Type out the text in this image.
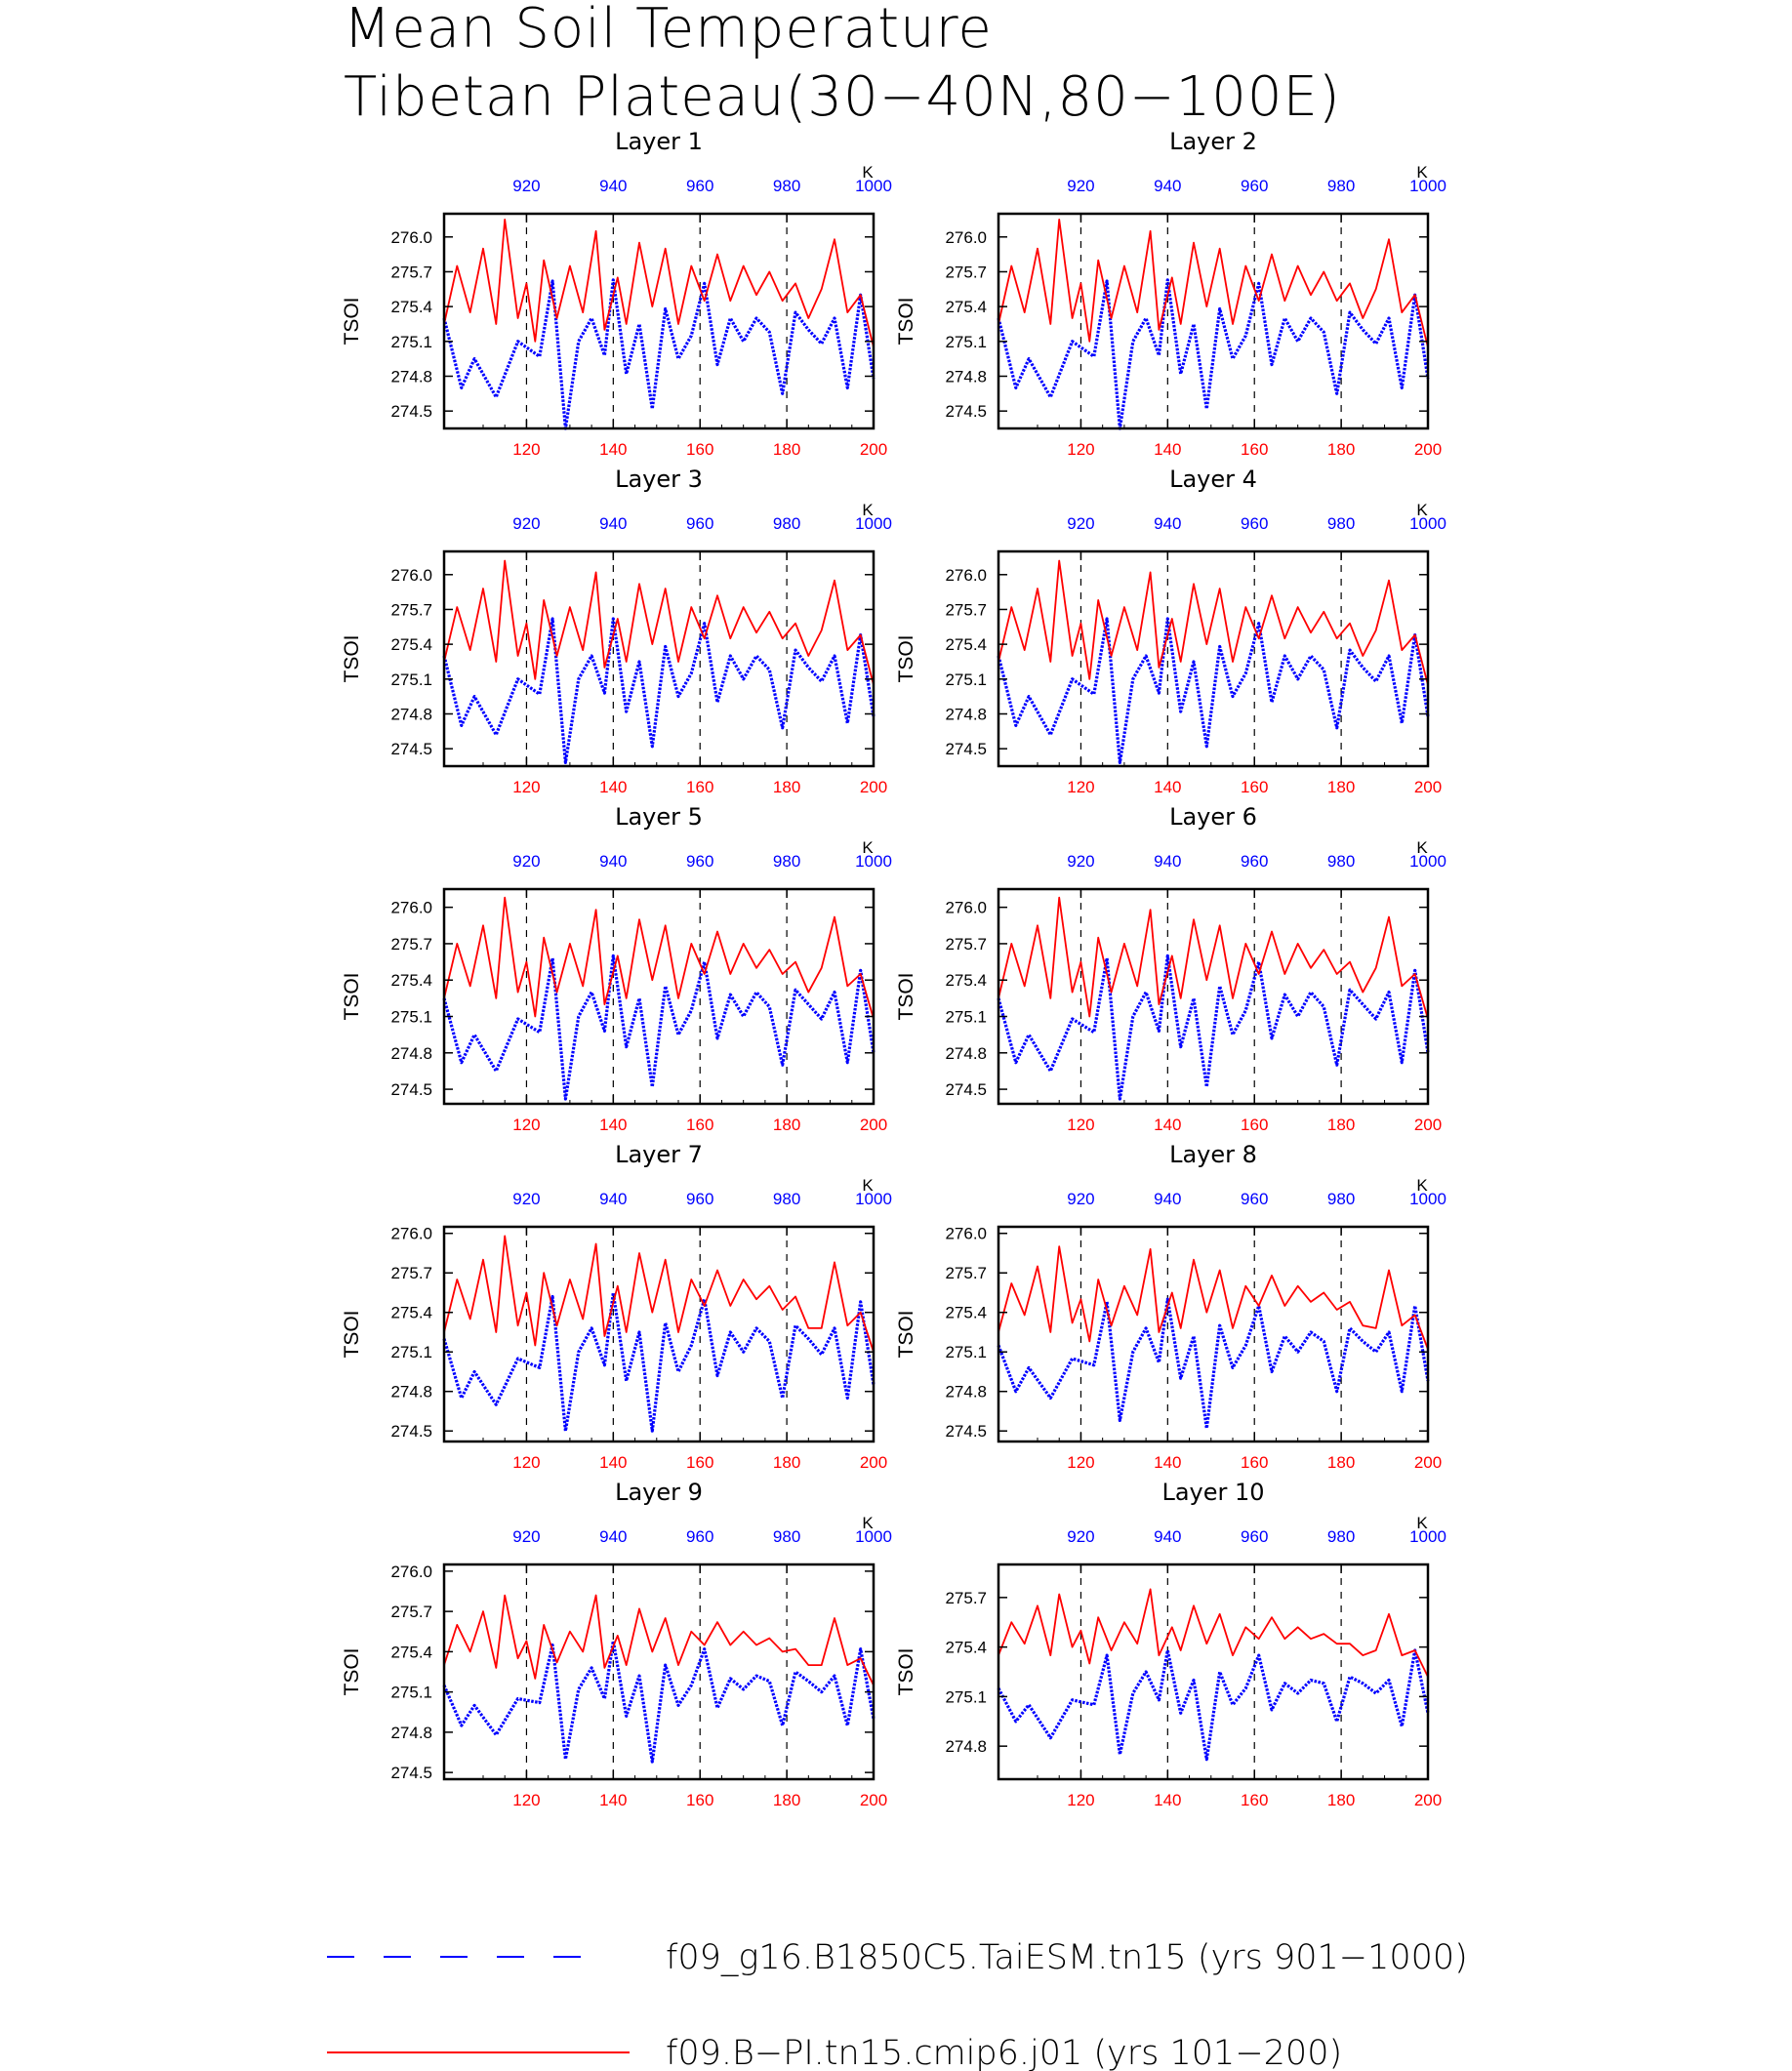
Mean Soil Temperature
Tibetan Plateau(30−40N,80−100E)
Layer 1
276.0
275.7
275.4
275.1
274.8
274.5
TSOI
120	140	160	180	200
920	940	960	980	1000
K
Layer 2
276.0
275.7
275.4
275.1
274.8
274.5
TSOI
120	140	160	180	200
920	940	960	980	1000
K
Layer 3
276.0
275.7
275.4
275.1
274.8
274.5
TSOI
120	140	160	180	200
920	940	960	980	1000
K
Layer 4
276.0
275.7
275.4
275.1
274.8
274.5
TSOI
120	140	160	180	200
920	940	960	980	1000
K
Layer 5
276.0
275.7
275.4
275.1
274.8
274.5
TSOI
120	140	160	180	200
920	940	960	980	1000
K
Layer 6
276.0
275.7
275.4
275.1
274.8
274.5
TSOI
120	140	160	180	200
920	940	960	980	1000
K
Layer 7
276.0
275.7
275.4
275.1
274.8
274.5
TSOI
120	140	160	180	200
920	940	960	980	1000
K
Layer 8
276.0
275.7
275.4
275.1
274.8
274.5
TSOI
120	140	160	180	200
920	940	960	980	1000
K
Layer 9
276.0
275.7
275.4
275.1
274.8
274.5
TSOI
120	140	160	180	200
920	940	960	980	1000
K
Layer 10
275.7
275.4
275.1
274.8
TSOI
120	140	160	180	200
920	940	960	980	1000
K
f09_g16.B1850C5.TaiESM.tn15 (yrs 901−1000)
f09.B−PI.tn15.cmip6.j01 (yrs 101−200)
